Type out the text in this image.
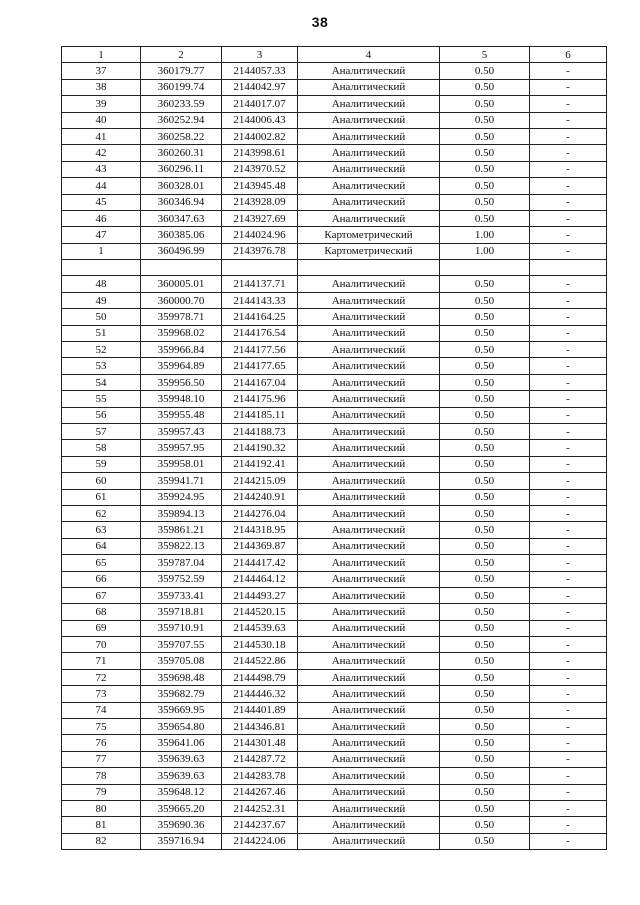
38
1	2	3	4	5	6
37	360179.77	2144057.33	Аналитический	0.50	-
38	360199.74	2144042.97	Аналитический	0.50	-
39	360233.59	2144017.07	Аналитический	0.50	-
40	360252.94	2144006.43	Аналитический	0.50	-
41	360258.22	2144002.82	Аналитический	0.50	-
42	360260.31	2143998.61	Аналитический	0.50	-
43	360296.11	2143970.52	Аналитический	0.50	-
44	360328.01	2143945.48	Аналитический	0.50	-
45	360346.94	2143928.09	Аналитический	0.50	-
46	360347.63	2143927.69	Аналитический	0.50	-
47	360385.06	2144024.96	Картометрический	1.00	-
1	360496.99	2143976.78	Картометрический	1.00	-

48	360005.01	2144137.71	Аналитический	0.50	-
49	360000.70	2144143.33	Аналитический	0.50	-
50	359978.71	2144164.25	Аналитический	0.50	-
51	359968.02	2144176.54	Аналитический	0.50	-
52	359966.84	2144177.56	Аналитический	0.50	-
53	359964.89	2144177.65	Аналитический	0.50	-
54	359956.50	2144167.04	Аналитический	0.50	-
55	359948.10	2144175.96	Аналитический	0.50	-
56	359955.48	2144185.11	Аналитический	0.50	-
57	359957.43	2144188.73	Аналитический	0.50	-
58	359957.95	2144190.32	Аналитический	0.50	-
59	359958.01	2144192.41	Аналитический	0.50	-
60	359941.71	2144215.09	Аналитический	0.50	-
61	359924.95	2144240.91	Аналитический	0.50	-
62	359894.13	2144276.04	Аналитический	0.50	-
63	359861.21	2144318.95	Аналитический	0.50	-
64	359822.13	2144369.87	Аналитический	0.50	-
65	359787.04	2144417.42	Аналитический	0.50	-
66	359752.59	2144464.12	Аналитический	0.50	-
67	359733.41	2144493.27	Аналитический	0.50	-
68	359718.81	2144520.15	Аналитический	0.50	-
69	359710.91	2144539.63	Аналитический	0.50	-
70	359707.55	2144530.18	Аналитический	0.50	-
71	359705.08	2144522.86	Аналитический	0.50	-
72	359698.48	2144498.79	Аналитический	0.50	-
73	359682.79	2144446.32	Аналитический	0.50	-
74	359669.95	2144401.89	Аналитический	0.50	-
75	359654.80	2144346.81	Аналитический	0.50	-
76	359641.06	2144301.48	Аналитический	0.50	-
77	359639.63	2144287.72	Аналитический	0.50	-
78	359639.63	2144283.78	Аналитический	0.50	-
79	359648.12	2144267.46	Аналитический	0.50	-
80	359665.20	2144252.31	Аналитический	0.50	-
81	359690.36	2144237.67	Аналитический	0.50	-
82	359716.94	2144224.06	Аналитический	0.50	-
